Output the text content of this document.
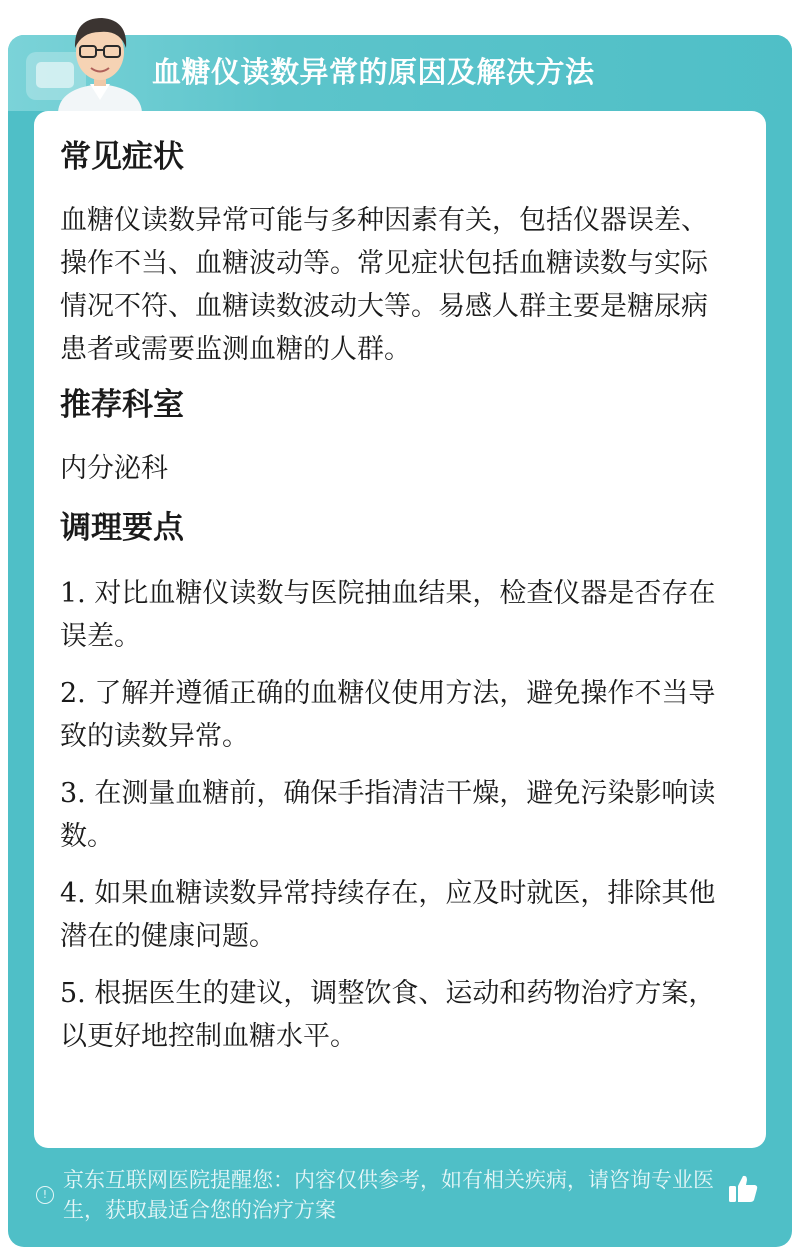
血糖仪读数异常的原因及解决方法
常见症状

血糖仪读数异常可能与多种因素有关，包括仪器误差、操作不当、血糖波动等。常见症状包括血糖读数与实际情况不符、血糖读数波动大等。易感人群主要是糖尿病患者或需要监测血糖的人群。

推荐科室

内分泌科

调理要点

1. 对比血糖仪读数与医院抽血结果，检查仪器是否存在误差。

2. 了解并遵循正确的血糖仪使用方法，避免操作不当导致的读数异常。

3. 在测量血糖前，确保手指清洁干燥，避免污染影响读数。

4. 如果血糖读数异常持续存在，应及时就医，排除其他潜在的健康问题。

5. 根据医生的建议，调整饮食、运动和药物治疗方案，以更好地控制血糖水平。

!
京东互联网医院提醒您：内容仅供参考，如有相关疾病，请咨询专业医生，获取最适合您的治疗方案
